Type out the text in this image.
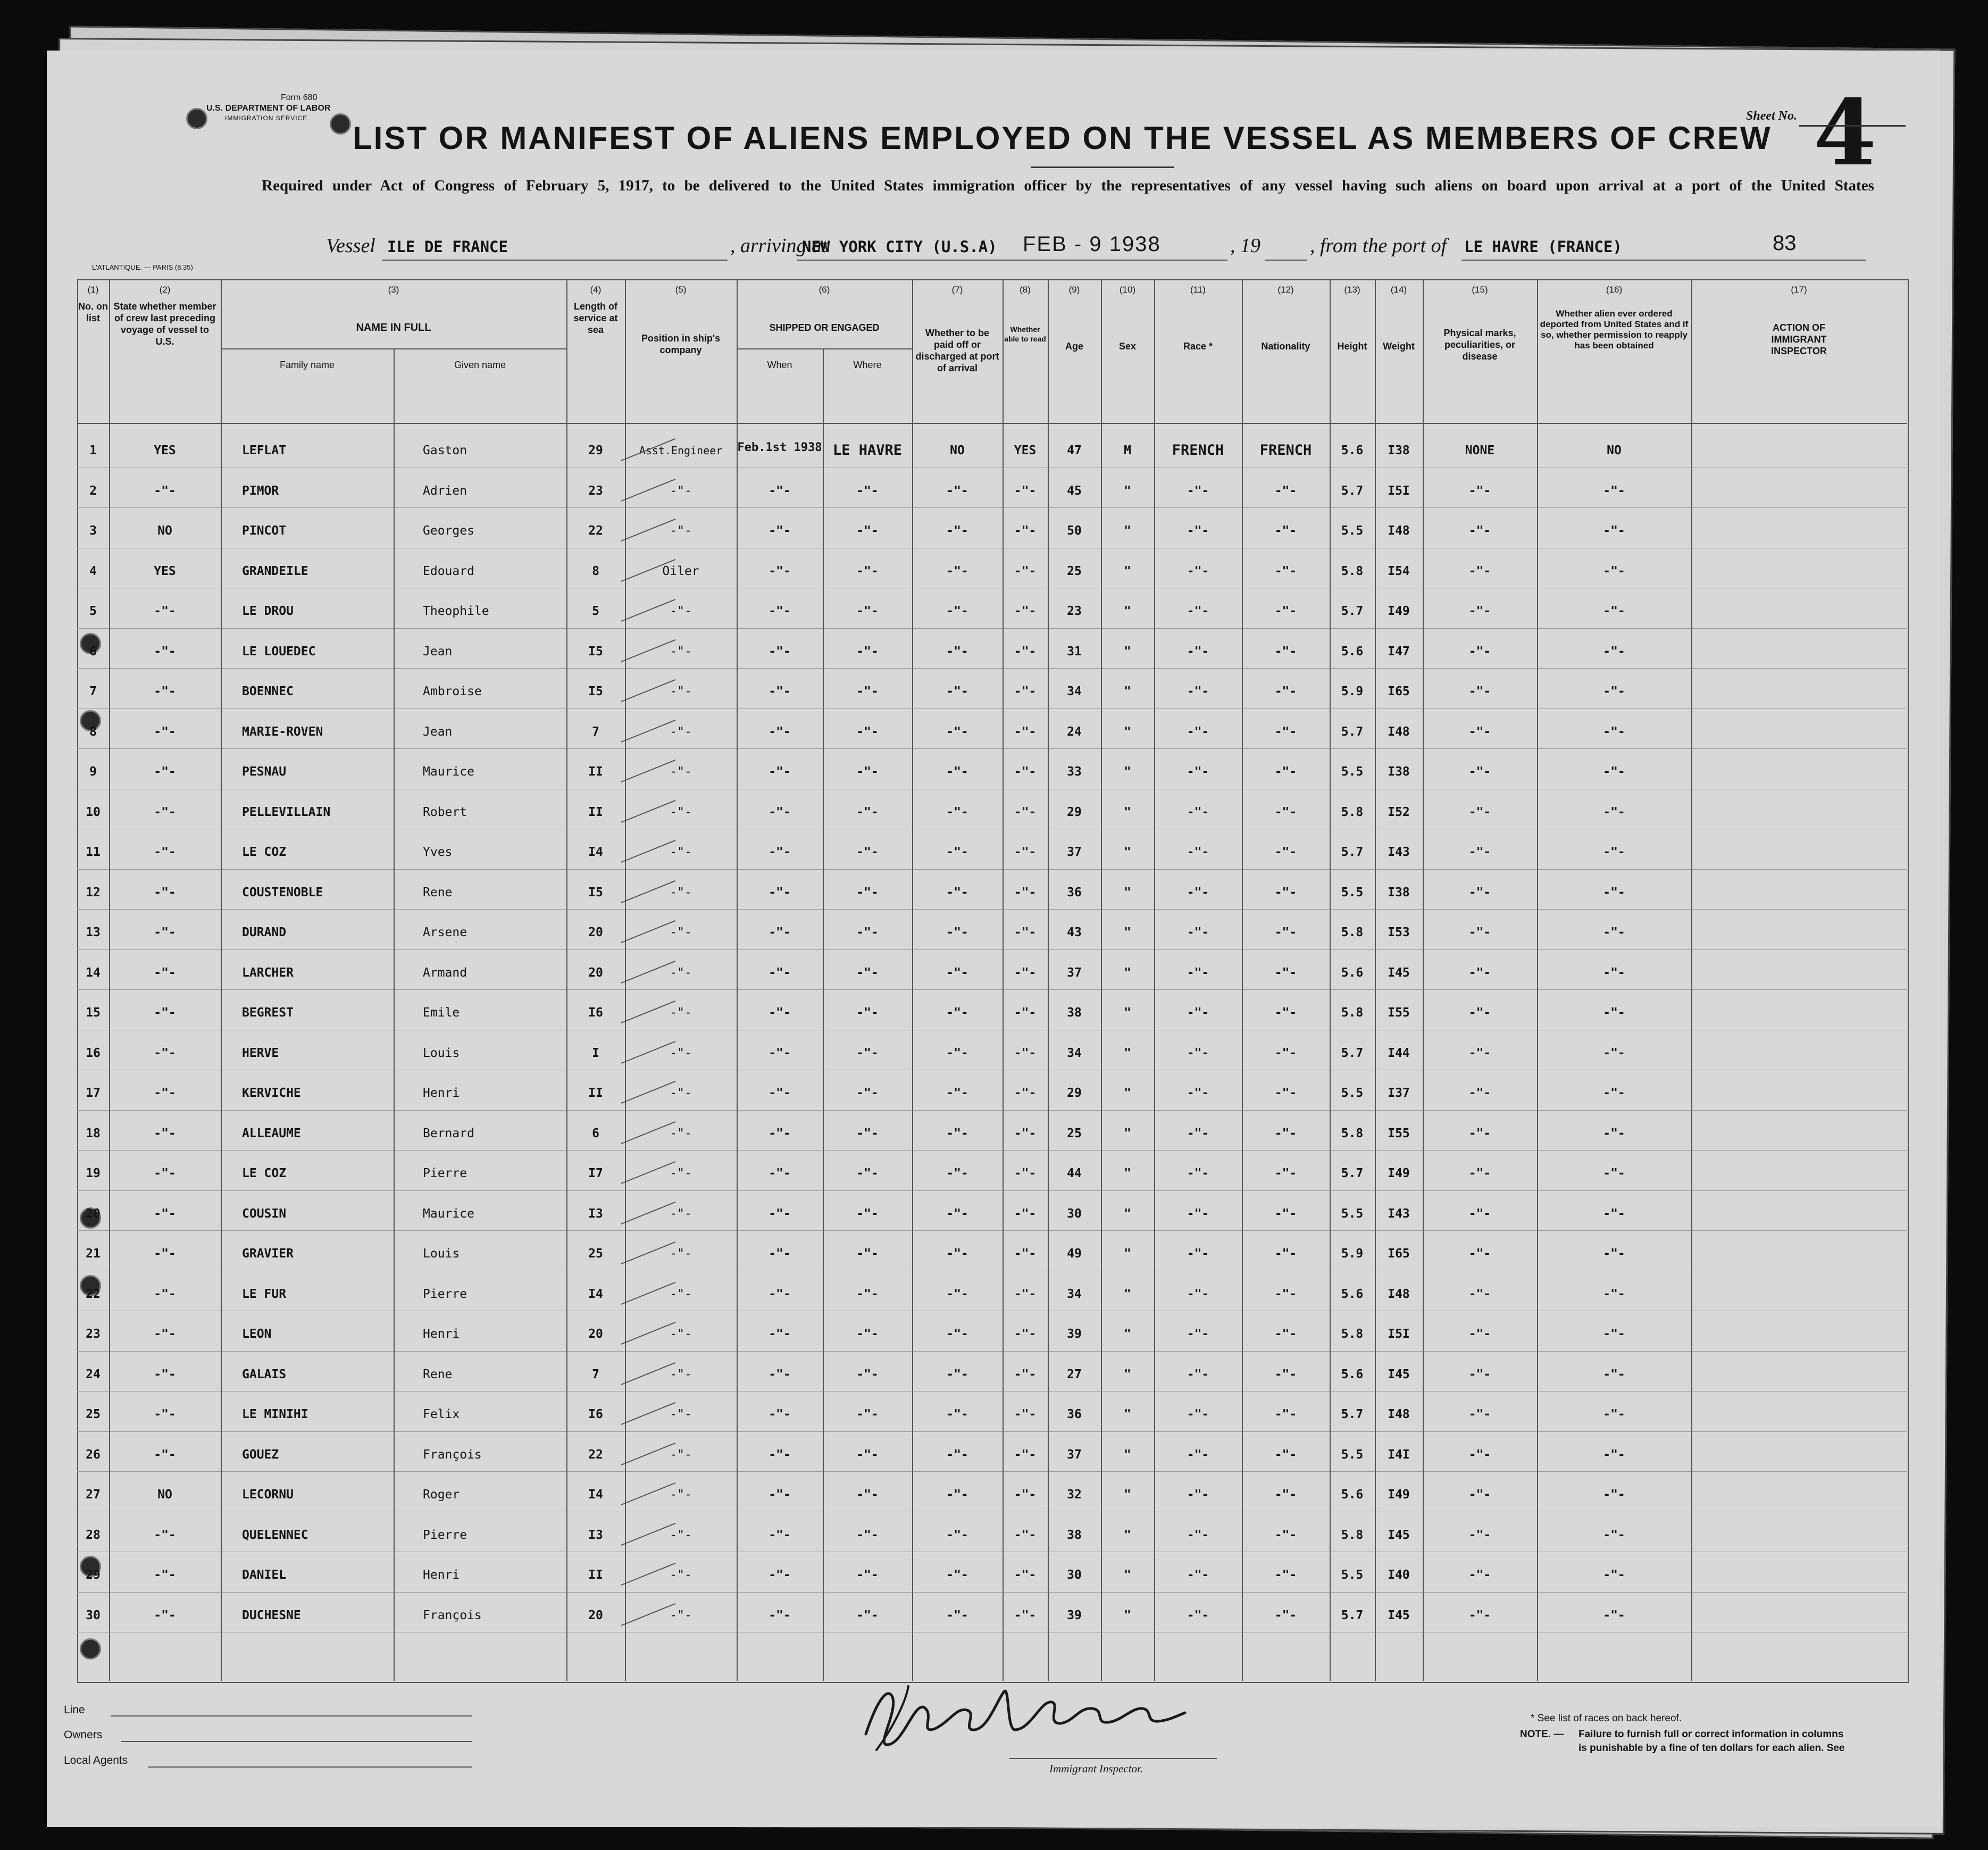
Form 680
U.S. DEPARTMENT OF LABOR
IMMIGRATION SERVICE
LIST OR MANIFEST OF ALIENS EMPLOYED ON THE VESSEL AS MEMBERS OF CREW
Sheet No. 4
Required under Act of Congress of February 5, 1917, to be delivered to the United States immigration officer by the representatives of any vessel having such aliens on board upon arrival at a port of the United States
Vessel ILE DE FRANCE	, arriving at
NEW YORK CITY (U.S.A) FEB - 9 1938	, 19 , from the port of LE HAVRE (FRANCE)	83
L'ATLANTIQUE. — PARIS (8.35)
(1)
No. on list
(2)
State whether member of crew last preceding voyage of vessel to U.S.
(3)
NAME IN FULL
Family name	Given name
(4)
Length of service at sea
(5)
Position in ship's company
(6)
SHIPPED OR ENGAGED
When	Where
(7)
Whether to be paid off or discharged at port of arrival
(8)
Whether able to read
(9)
Age
(10)
Sex
(11)
Race *
(12)
Nationality
(13)
Height
(14)
Weight
(15)
Physical marks, peculiarities, or disease
(16)
Whether alien ever ordered deported from United States and if so, whether permission to reapply has been obtained
(17)
ACTION OF IMMIGRANT INSPECTOR
1	YES	LEFLAT	Gaston	29	Asst.Engineer	Feb.1st 1938 LE HAVRE	NO	YES	47	M	FRENCH	FRENCH	5.6	I38	NONE	NO
2	-"-	PIMOR	Adrien	23	-"-	-"-	-"-	-"-	-"-	45	"	-"-	-"-	5.7	I5I	-"-	-"-
3	NO	PINCOT	Georges	22	-"-	-"-	-"-	-"-	-"-	50	"	-"-	-"-	5.5	I48	-"-	-"-
4	YES	GRANDEILE	Edouard	8	Oiler	-"-	-"-	-"-	-"-	25	"	-"-	-"-	5.8	I54	-"-	-"-
5	-"-	LE DROU	Theophile	5	-"-	-"-	-"-	-"-	-"-	23	"	-"-	-"-	5.7	I49	-"-	-"-
6	-"-	LE LOUEDEC	Jean	I5	-"-	-"-	-"-	-"-	-"-	31	"	-"-	-"-	5.6	I47	-"-	-"-
7	-"-	BOENNEC	Ambroise	I5	-"-	-"-	-"-	-"-	-"-	34	"	-"-	-"-	5.9	I65	-"-	-"-
8	-"-	MARIE-ROVEN	Jean	7	-"-	-"-	-"-	-"-	-"-	24	"	-"-	-"-	5.7	I48	-"-	-"-
9	-"-	PESNAU	Maurice	II	-"-	-"-	-"-	-"-	-"-	33	"	-"-	-"-	5.5	I38	-"-	-"-
10	-"-	PELLEVILLAIN	Robert	II	-"-	-"-	-"-	-"-	-"-	29	"	-"-	-"-	5.8	I52	-"-	-"-
11	-"-	LE COZ	Yves	I4	-"-	-"-	-"-	-"-	-"-	37	"	-"-	-"-	5.7	I43	-"-	-"-
12	-"-	COUSTENOBLE	Rene	I5	-"-	-"-	-"-	-"-	-"-	36	"	-"-	-"-	5.5	I38	-"-	-"-
13	-"-	DURAND	Arsene	20	-"-	-"-	-"-	-"-	-"-	43	"	-"-	-"-	5.8	I53	-"-	-"-
14	-"-	LARCHER	Armand	20	-"-	-"-	-"-	-"-	-"-	37	"	-"-	-"-	5.6	I45	-"-	-"-
15	-"-	BEGREST	Emile	I6	-"-	-"-	-"-	-"-	-"-	38	"	-"-	-"-	5.8	I55	-"-	-"-
16	-"-	HERVE	Louis	I	-"-	-"-	-"-	-"-	-"-	34	"	-"-	-"-	5.7	I44	-"-	-"-
17	-"-	KERVICHE	Henri	II	-"-	-"-	-"-	-"-	-"-	29	"	-"-	-"-	5.5	I37	-"-	-"-
18	-"-	ALLEAUME	Bernard	6	-"-	-"-	-"-	-"-	-"-	25	"	-"-	-"-	5.8	I55	-"-	-"-
19	-"-	LE COZ	Pierre	I7	-"-	-"-	-"-	-"-	-"-	44	"	-"-	-"-	5.7	I49	-"-	-"-
20	-"-	COUSIN	Maurice	I3	-"-	-"-	-"-	-"-	-"-	30	"	-"-	-"-	5.5	I43	-"-	-"-
21	-"-	GRAVIER	Louis	25	-"-	-"-	-"-	-"-	-"-	49	"	-"-	-"-	5.9	I65	-"-	-"-
22	-"-	LE FUR	Pierre	I4	-"-	-"-	-"-	-"-	-"-	34	"	-"-	-"-	5.6	I48	-"-	-"-
23	-"-	LEON	Henri	20	-"-	-"-	-"-	-"-	-"-	39	"	-"-	-"-	5.8	I5I	-"-	-"-
24	-"-	GALAIS	Rene	7	-"-	-"-	-"-	-"-	-"-	27	"	-"-	-"-	5.6	I45	-"-	-"-
25	-"-	LE MINIHI	Felix	I6	-"-	-"-	-"-	-"-	-"-	36	"	-"-	-"-	5.7	I48	-"-	-"-
26	-"-	GOUEZ	François	22	-"-	-"-	-"-	-"-	-"-	37	"	-"-	-"-	5.5	I4I	-"-	-"-
27	NO	LECORNU	Roger	I4	-"-	-"-	-"-	-"-	-"-	32	"	-"-	-"-	5.6	I49	-"-	-"-
28	-"-	QUELENNEC	Pierre	I3	-"-	-"-	-"-	-"-	-"-	38	"	-"-	-"-	5.8	I45	-"-	-"-
29	-"-	DANIEL	Henri	II	-"-	-"-	-"-	-"-	-"-	30	"	-"-	-"-	5.5	I40	-"-	-"-
30	-"-	DUCHESNE	François	20	-"-	-"-	-"-	-"-	-"-	39	"	-"-	-"-	5.7	I45	-"-	-"-
Line
Owners
Local Agents
Immigrant Inspector.
* See list of races on back hereof.
NOTE. — Failure to furnish full or correct information in columns
is punishable by a fine of ten dollars for each alien. See
